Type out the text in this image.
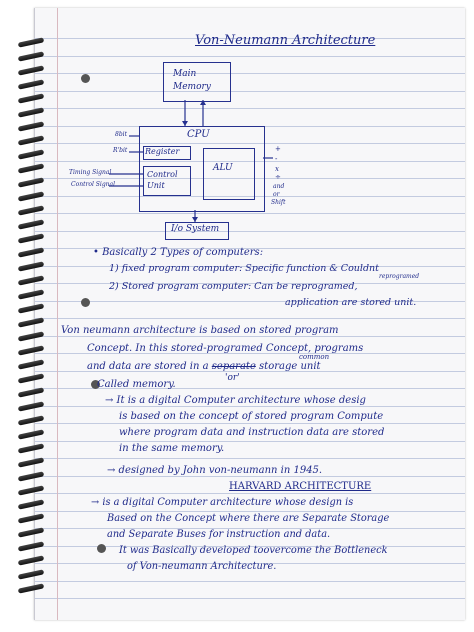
Von-Neumann Architecture
Main Memory
CPU
Register
Control Unit
ALU
I/o System
8bit
R'bit
Timing Signal
Control Signal
+
-
x
÷
and
or
Shift
• Basically 2 Types of computers:
1) fixed program computer: Specific function & Couldnt
reprogramed
2) Stored program computer: Can be reprogramed,
application are stored unit.
Von neumann architecture is based on stored program
Concept. In this stored-programed Concept, programs
and data are stored in a separate storage unit
common
Called memory.
'or'
→ It is a digital Computer architecture whose desig
is based on the concept of stored program Compute
where program data and instruction data are stored
in the same memory.
→ designed by John von-neumann in 1945.
HARVARD ARCHITECTURE
→ is a digital Computer architecture whose design is
Based on the Concept where there are Separate Storage
and Separate Buses for instruction and data.
It was Basically developed toovercome the Bottleneck
of Von-neumann Architecture.
